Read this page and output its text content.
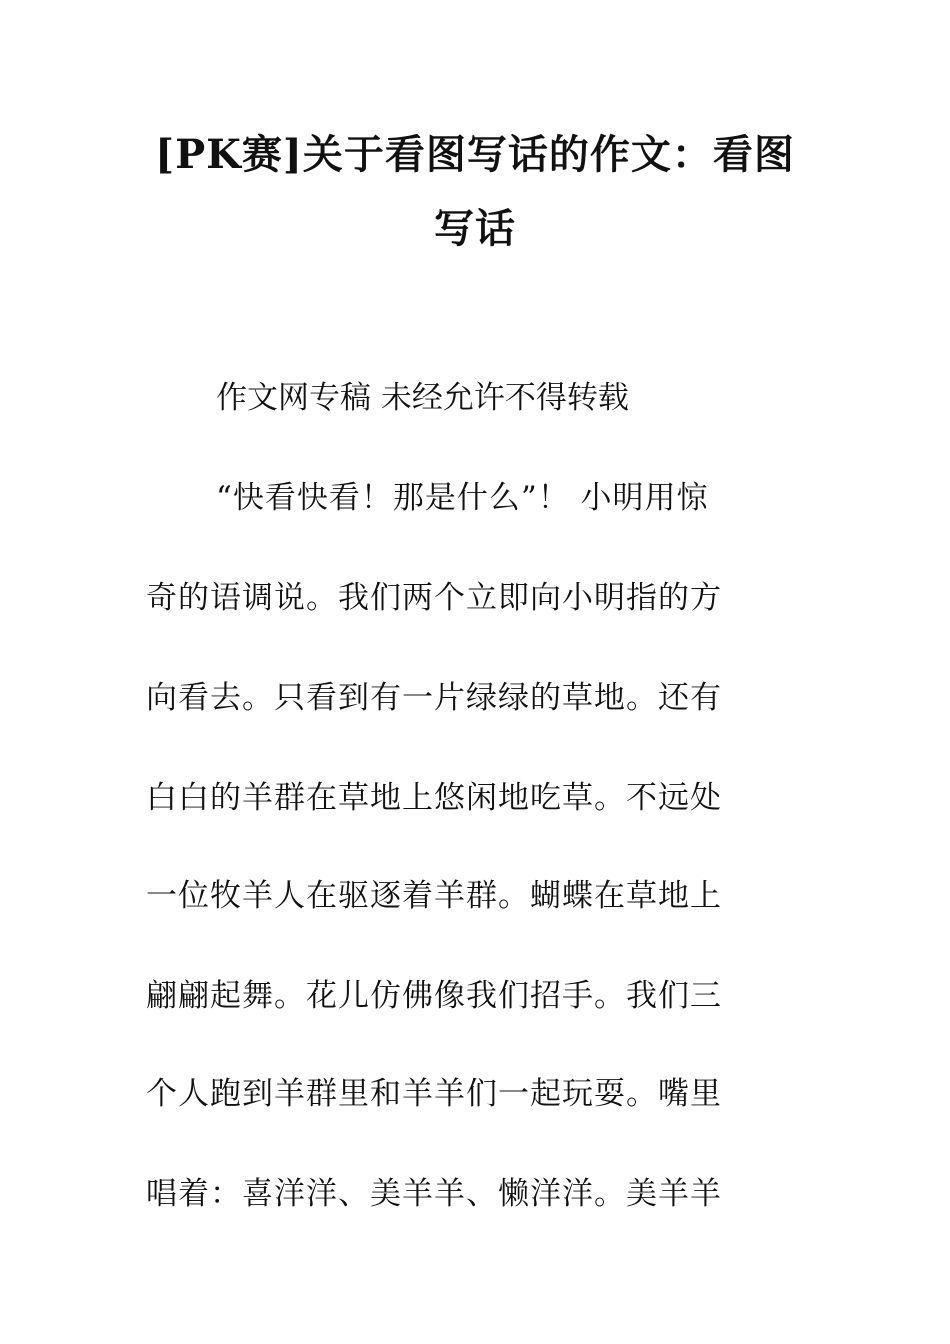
[PK赛]关于看图写话的作文：看图写话
作文网专稿 未经允许不得转载
“快看快看！那是什么”！ 小明用惊
奇的语调说。我们两个立即向小明指的方
向看去。只看到有一片绿绿的草地。还有
白白的羊群在草地上悠闲地吃草。不远处
一位牧羊人在驱逐着羊群。蝴蝶在草地上
翩翩起舞。花儿仿佛像我们招手。我们三
个人跑到羊群里和羊羊们一起玩耍。嘴里
唱着：喜洋洋、美羊羊、懒洋洋。美羊羊
